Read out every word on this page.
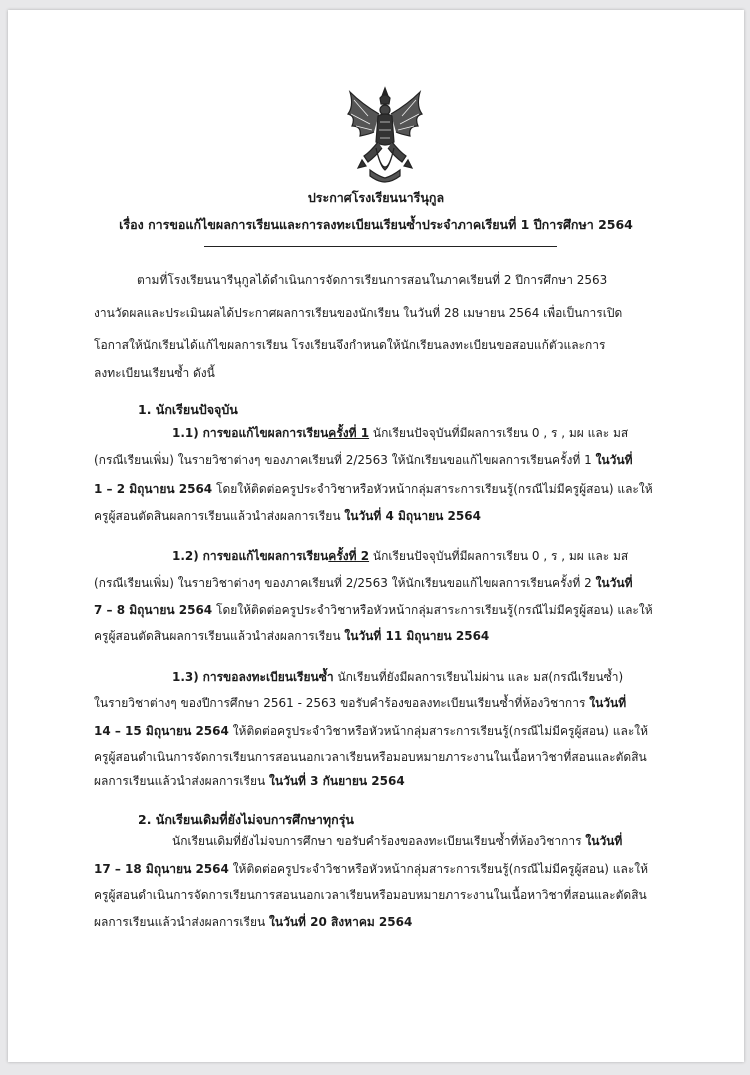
ประกาศโรงเรียนนารีนุกูล
เรื่อง การขอแก้ไขผลการเรียนและการลงทะเบียนเรียนซ้ำประจำภาคเรียนที่ 1 ปีการศึกษา 2564
ตามที่โรงเรียนนารีนุกูลได้ดำเนินการจัดการเรียนการสอนในภาคเรียนที่ 2 ปีการศึกษา 2563
งานวัดผลและประเมินผลได้ประกาศผลการเรียนของนักเรียน ในวันที่ 28 เมษายน 2564 เพื่อเป็นการเปิด
โอกาสให้นักเรียนได้แก้ไขผลการเรียน โรงเรียนจึงกำหนดให้นักเรียนลงทะเบียนขอสอบแก้ตัวและการ
ลงทะเบียนเรียนซ้ำ ดังนี้
1. นักเรียนปัจจุบัน
1.1) การขอแก้ไขผลการเรียนครั้งที่ 1 นักเรียนปัจจุบันที่มีผลการเรียน 0 , ร , มผ และ มส
(กรณีเรียนเพิ่ม) ในรายวิชาต่างๆ ของภาคเรียนที่ 2/2563 ให้นักเรียนขอแก้ไขผลการเรียนครั้งที่ 1 ในวันที่
1 – 2 มิถุนายน 2564 โดยให้ติดต่อครูประจำวิชาหรือหัวหน้ากลุ่มสาระการเรียนรู้(กรณีไม่มีครูผู้สอน) และให้
ครูผู้สอนตัดสินผลการเรียนแล้วนำส่งผลการเรียน ในวันที่ 4 มิถุนายน 2564
1.2) การขอแก้ไขผลการเรียนครั้งที่ 2 นักเรียนปัจจุบันที่มีผลการเรียน 0 , ร , มผ และ มส
(กรณีเรียนเพิ่ม) ในรายวิชาต่างๆ ของภาคเรียนที่ 2/2563 ให้นักเรียนขอแก้ไขผลการเรียนครั้งที่ 2 ในวันที่
7 – 8 มิถุนายน 2564 โดยให้ติดต่อครูประจำวิชาหรือหัวหน้ากลุ่มสาระการเรียนรู้(กรณีไม่มีครูผู้สอน) และให้
ครูผู้สอนตัดสินผลการเรียนแล้วนำส่งผลการเรียน ในวันที่ 11 มิถุนายน 2564
1.3) การขอลงทะเบียนเรียนซ้ำ นักเรียนที่ยังมีผลการเรียนไม่ผ่าน และ มส(กรณีเรียนซ้ำ)
ในรายวิชาต่างๆ ของปีการศึกษา 2561 - 2563 ขอรับคำร้องขอลงทะเบียนเรียนซ้ำที่ห้องวิชาการ ในวันที่
14 – 15 มิถุนายน 2564 ให้ติดต่อครูประจำวิชาหรือหัวหน้ากลุ่มสาระการเรียนรู้(กรณีไม่มีครูผู้สอน) และให้
ครูผู้สอนดำเนินการจัดการเรียนการสอนนอกเวลาเรียนหรือมอบหมายภาระงานในเนื้อหาวิชาที่สอนและตัดสิน
ผลการเรียนแล้วนำส่งผลการเรียน ในวันที่ 3 กันยายน 2564
2. นักเรียนเดิมที่ยังไม่จบการศึกษาทุกรุ่น
นักเรียนเดิมที่ยังไม่จบการศึกษา ขอรับคำร้องขอลงทะเบียนเรียนซ้ำที่ห้องวิชาการ ในวันที่
17 – 18 มิถุนายน 2564 ให้ติดต่อครูประจำวิชาหรือหัวหน้ากลุ่มสาระการเรียนรู้(กรณีไม่มีครูผู้สอน) และให้
ครูผู้สอนดำเนินการจัดการเรียนการสอนนอกเวลาเรียนหรือมอบหมายภาระงานในเนื้อหาวิชาที่สอนและตัดสิน
ผลการเรียนแล้วนำส่งผลการเรียน ในวันที่ 20 สิงหาคม 2564
